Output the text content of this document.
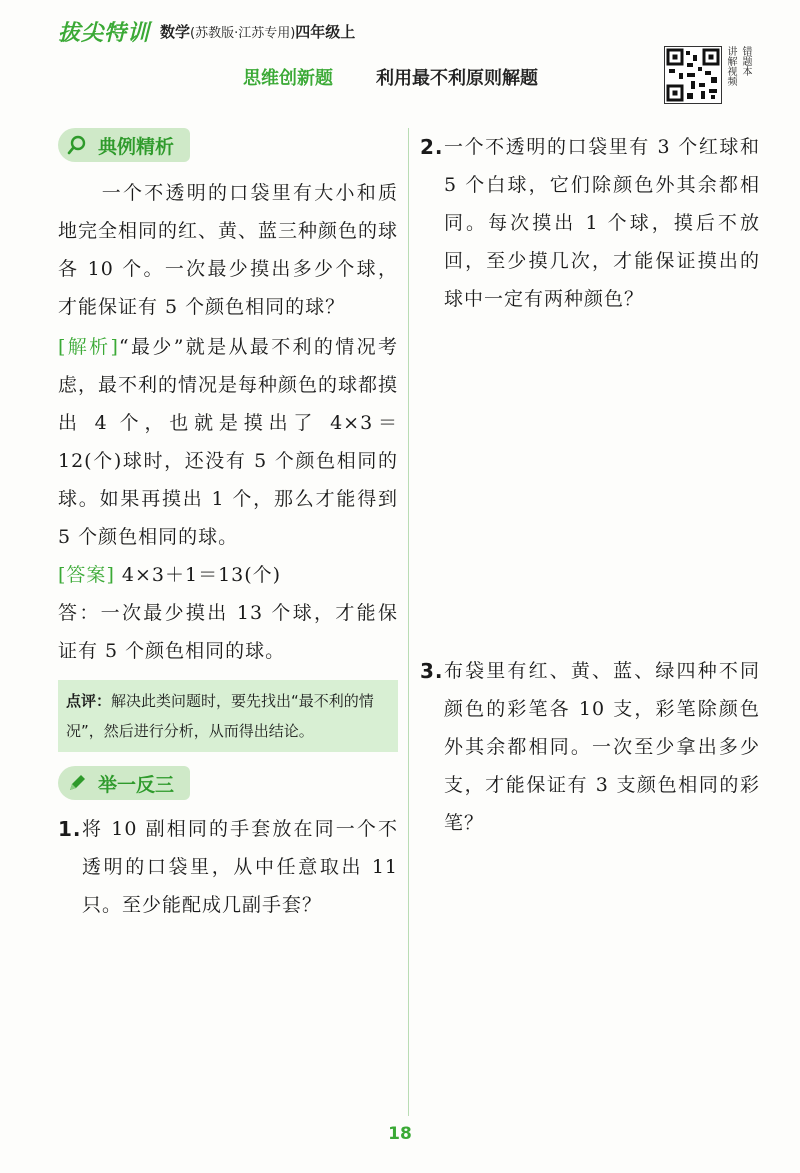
拔尖特训 数学(苏教版·江苏专用)四年级上
思维创新题 利用最不利原则解题
错题本
讲解视频
典例精析

一个不透明的口袋里有大小和质地完全相同的红、黄、蓝三种颜色的球各 10 个。一次最少摸出多少个球，才能保证有 5 个颜色相同的球？

[解析]“最少”就是从最不利的情况考虑，最不利的情况是每种颜色的球都摸出 4 个，也就是摸出了 4×3＝12(个)球时，还没有 5 个颜色相同的球。如果再摸出 1 个，那么才能得到 5 个颜色相同的球。

[答案] 4×3＋1＝13(个)

答：一次最少摸出 13 个球，才能保证有 5 个颜色相同的球。

点评：解决此类问题时，要先找出“最不利的情况”，然后进行分析，从而得出结论。
举一反三
1. 将 10 副相同的手套放在同一个不透明的口袋里，从中任意取出 11 只。至少能配成几副手套？
2. 一个不透明的口袋里有 3 个红球和 5 个白球，它们除颜色外其余都相同。每次摸出 1 个球，摸后不放回，至少摸几次，才能保证摸出的球中一定有两种颜色？
3. 布袋里有红、黄、蓝、绿四种不同颜色的彩笔各 10 支，彩笔除颜色外其余都相同。一次至少拿出多少支，才能保证有 3 支颜色相同的彩笔？
18
